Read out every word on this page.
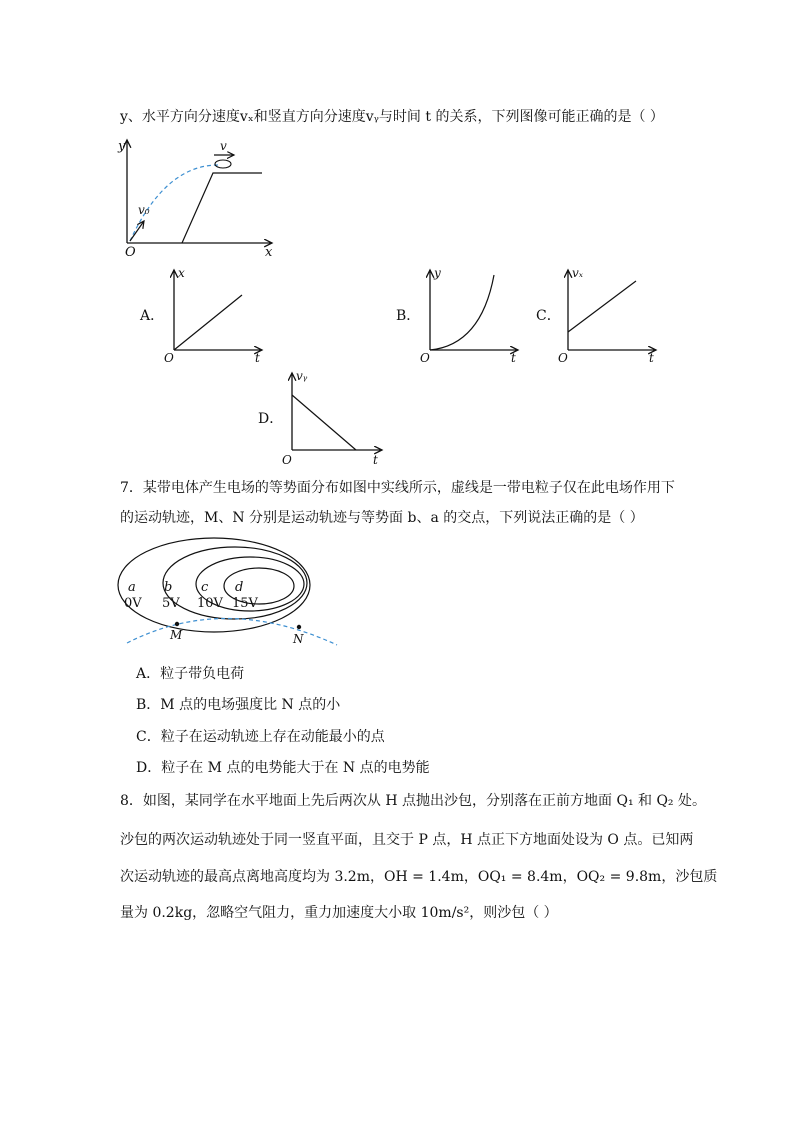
y、水平方向分速度vₓ和竖直方向分速度vᵧ与时间 t 的关系，下列图像可能正确的是（ ）
y
x
O
v₀
v
A．
x
t
O
B．
y
t
O
C．
vₓ
t
O
D．
vᵧ
t
O
7．某带电体产生电场的等势面分布如图中实线所示，虚线是一带电粒子仅在此电场作用下
的运动轨迹，M、N 分别是运动轨迹与等势面 b、a 的交点，下列说法正确的是（ ）
M	N
a
0V
b
5V
c
10V
d
15V
A．粒子带负电荷
B．M 点的电场强度比 N 点的小
C．粒子在运动轨迹上存在动能最小的点
D．粒子在 M 点的电势能大于在 N 点的电势能
8．如图，某同学在水平地面上先后两次从 H 点抛出沙包，分别落在正前方地面 Q₁ 和 Q₂ 处。
沙包的两次运动轨迹处于同一竖直平面，且交于 P 点，H 点正下方地面处设为 O 点。已知两
次运动轨迹的最高点离地高度均为 3.2m，OH = 1.4m，OQ₁ = 8.4m，OQ₂ = 9.8m，沙包质
量为 0.2kg，忽略空气阻力，重力加速度大小取 10m/s²，则沙包（ ）
